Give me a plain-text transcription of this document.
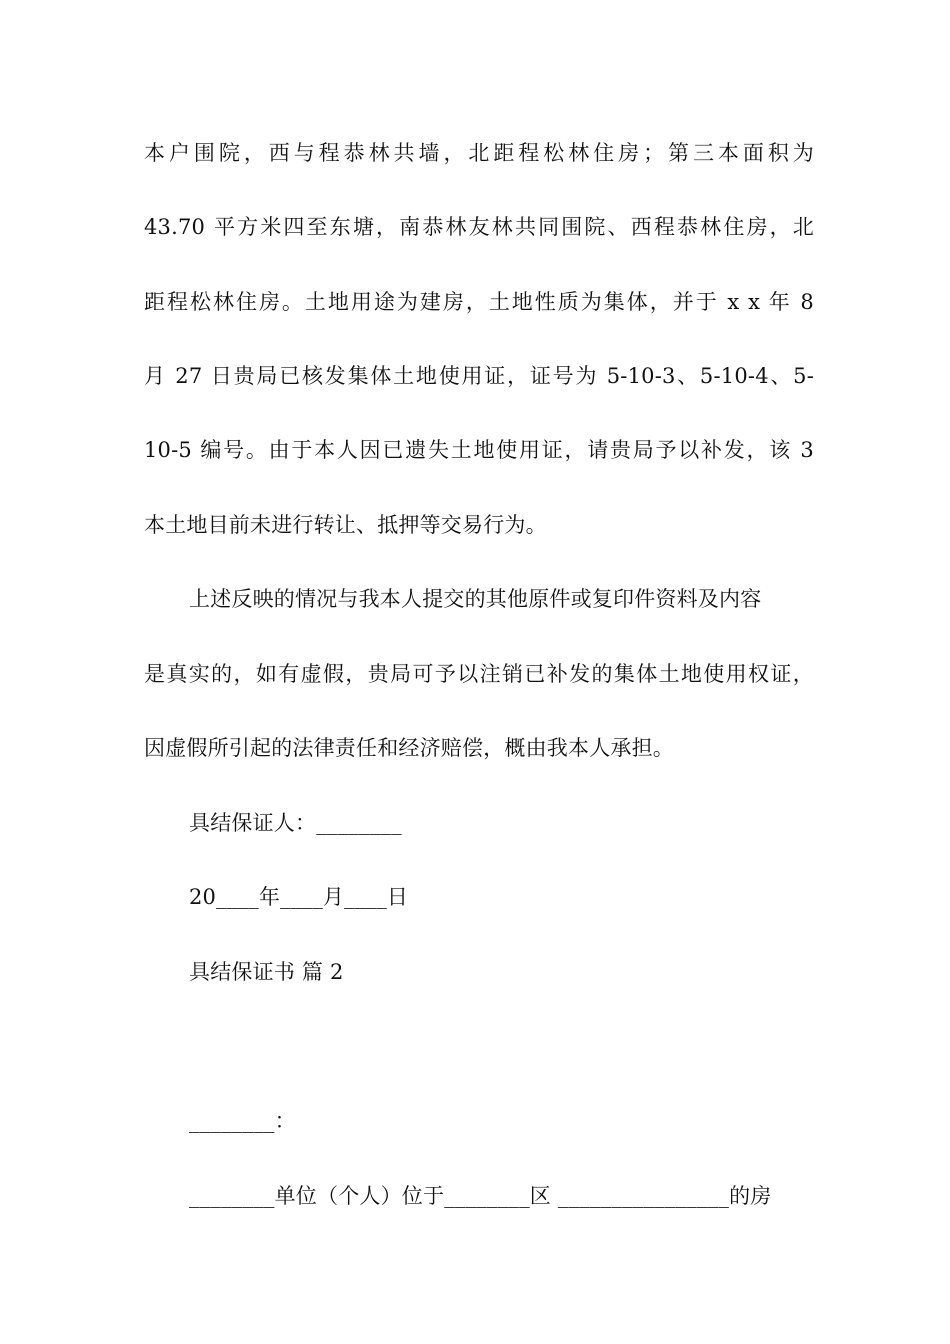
本户围院，西与程恭林共墙，北距程松林住房；第三本面积为
43.70 平方米四至东塘，南恭林友林共同围院、西程恭林住房，北
距程松林住房。土地用途为建房，土地性质为集体，并于 x x 年 8
月 27 日贵局已核发集体土地使用证，证号为 5-10-3、5-10-4、5-
10-5 编号。由于本人因已遗失土地使用证，请贵局予以补发，该 3
本土地目前未进行转让、抵押等交易行为。
上述反映的情况与我本人提交的其他原件或复印件资料及内容
是真实的，如有虚假，贵局可予以注销已补发的集体土地使用权证，
因虚假所引起的法律责任和经济赔偿，概由我本人承担。
具结保证人：________
20____年____月____日
具结保证书 篇 2
________：
________单位（个人）位于________区 ________________的房
